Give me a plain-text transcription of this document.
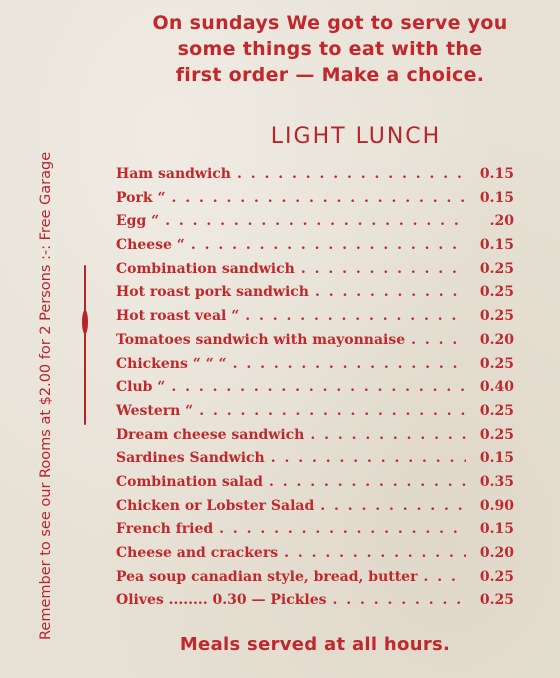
On sundays We got to serve you
some things to eat with the
first order — Make a choice.
LIGHT LUNCH
Remember to see our Rooms at $2.00 for 2 Persons :-: Free Garage	Ham sandwich . . .	0.15
Pork “ . . .	0.15
Egg “ . . .	.20
Cheese “ . . .	0.15
Combination sandwich . . .	0.25
Hot roast pork sandwich . . .	0.25
Hot roast veal “ . . .	0.25
Tomatoes sandwich with mayonnaise . . .	0.20
Chickens “ “ “ . . .	0.25
Club “ . . .	0.40
Western “ . . .	0.25
Dream cheese sandwich . . .	0.25
Sardines Sandwich . . .	0.15
Combination salad . . .	0.35
Chicken or Lobster Salad . . .	0.90
French fried . . .	0.15
Cheese and crackers . . .	0.20
Pea soup canadian style, bread, butter . . .	0.25
Olives ........ 0.30 — Pickles . . .	0.25
Meals served at all hours.
